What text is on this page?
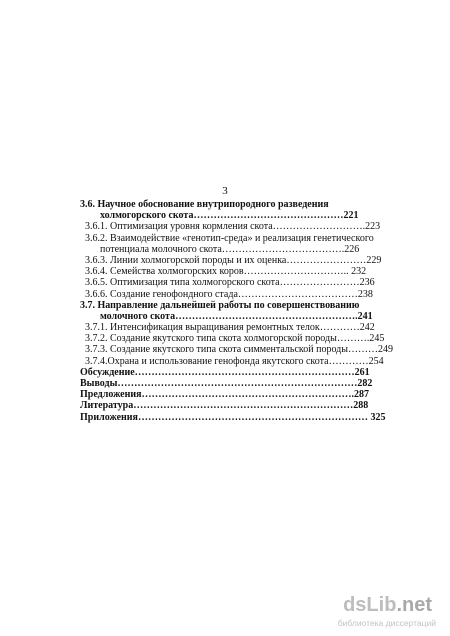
3
3.6. Научное обоснование внутрипородного разведения
холмогорского скота………………………………………221
3.6.1. Оптимизация уровня кормления скота……………………….223
3.6.2. Взаимодействие «генотип-среда» и реализация генетического
потенциала молочного скота……………………………….226
3.6.3. Линии холмогорской породы и их оценка……………………229
3.6.4. Семейства холмогорских коров………………………….. 232
3.6.5. Оптимизация типа холмогорского скота……………………236
3.6.6. Создание генофондного стада………………………………238
3.7. Направление дальнейшей работы по совершенствованию
молочного скота……………………………………………….241
3.7.1. Интенсификация выращивания ремонтных телок…………242
3.7.2. Создание якутского типа скота холмогорской породы……….245
3.7.3. Создание якутского типа скота симментальской породы………249
3.7.4.Охрана и использование генофонда якутского скота…………254
Обсуждение…………………………………………………………261
Выводы………………………………………………………………282
Предложения……………………………………………………….287
Литература…………………………………………………………288
Приложения…………………………………………………………… 325
dsLib.net
библиотека диссертаций
